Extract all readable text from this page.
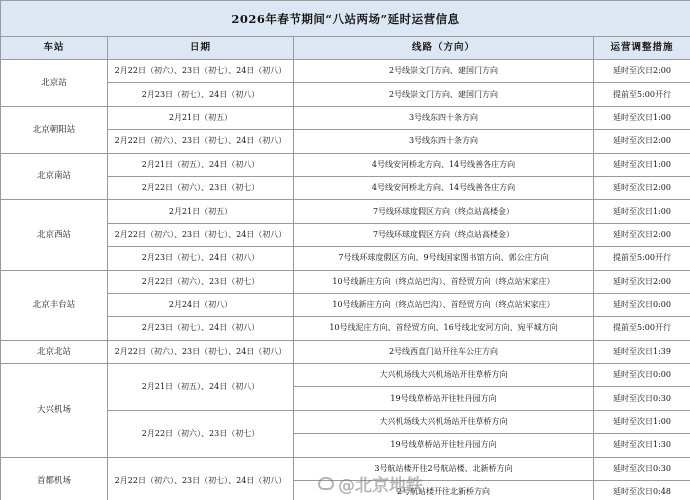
2026年春节期间“八站两场”延时运营信息			
车站	日期	线路（方向）	运营调整措施
北京站	2月22日（初六）、23日（初七）、24日（初八）	2号线崇文门方向、建国门方向	延时至次日2:00
	2月23日（初七）、24日（初八）	2号线崇文门方向、建国门方向	提前至5:00开行
北京朝阳站	2月21日（初五）	3号线东四十条方向	延时至次日1:00
	2月22日（初六）、23日（初七）、24日（初八）	3号线东四十条方向	延时至次日2:00
北京南站	2月21日（初五）、24日（初八）	4号线安河桥北方向、14号线善各庄方向	延时至次日1:00
	2月22日（初六）、23日（初七）	4号线安河桥北方向、14号线善各庄方向	延时至次日2:00
北京西站	2月21日（初五）	7号线环球度假区方向（终点站高楼金）	延时至次日1:00
	2月22日（初六）、23日（初七）、24日（初八）	7号线环球度假区方向（终点站高楼金）	延时至次日2:00
	2月23日（初七）、24日（初八）	7号线环球度假区方向、9号线国家图书馆方向、郭公庄方向	提前至5:00开行
北京丰台站	2月22日（初六）、23日（初七）	10号线新庄方向（终点站巴沟）、首经贸方向（终点站宋家庄）	延时至次日2:00
	2月24日（初八）	10号线新庄方向（终点站巴沟）、首经贸方向（终点站宋家庄）	延时至次日0:00
	2月23日（初七）、24日（初八）	10号线泥庄方向、首经贸方向、16号线北安河方向、宛平城方向	提前至5:00开行
北京北站	2月22日（初六）、23日（初七）、24日（初八）	2号线西直门站开往车公庄方向	延时至次日1:39
大兴机场	2月21日（初五）、24日（初八）	大兴机场线大兴机场站开往草桥方向	延时至次日0:00
		19号线草桥站开往牡丹园方向	延时至次日0:30
	2月22日（初六）、23日（初七）	大兴机场线大兴机场站开往草桥方向	延时至次日1:00
		19号线草桥站开往牡丹园方向	延时至次日1:30
首都机场	2月22日（初六）、23日（初七）、24日（初八）	3号航站楼开往2号航站楼、北新桥方向	延时至次日0:30
		2号航站楼开往北新桥方向	延时至次日0:48
@北京地铁
